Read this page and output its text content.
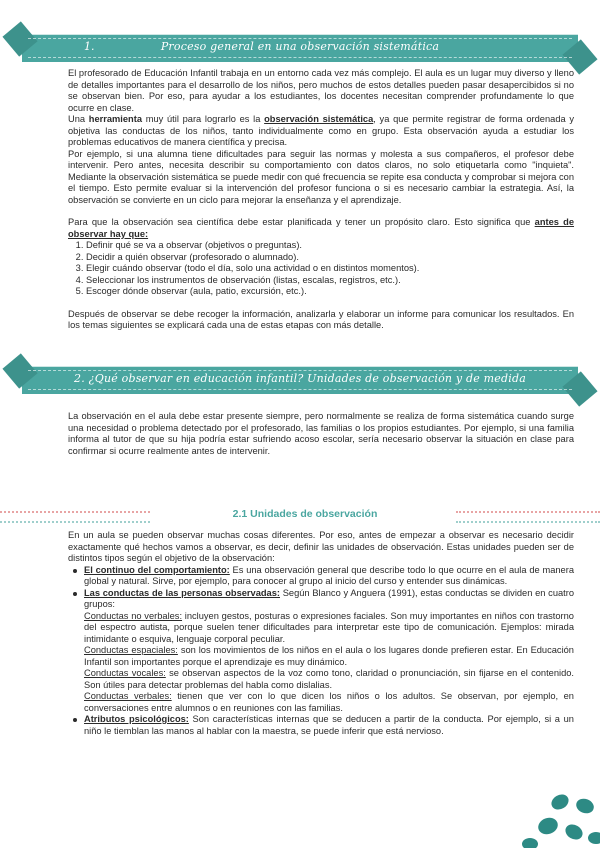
1.	Proceso general en una observación sistemática

El profesorado de Educación Infantil trabaja en un entorno cada vez más complejo. El aula es un lugar muy diverso y lleno de detalles importantes para el desarrollo de los niños, pero muchos de estos detalles pueden pasar desapercibidos si no se observan bien. Por eso, para ayudar a los estudiantes, los docentes necesitan comprender profundamente lo que ocurre en clase.

Una herramienta muy útil para lograrlo es la observación sistemática, ya que permite registrar de forma ordenada y objetiva las conductas de los niños, tanto individualmente como en grupo. Esta observación ayuda a estudiar los problemas educativos de manera científica y precisa.

Por ejemplo, si una alumna tiene dificultades para seguir las normas y molesta a sus compañeros, el profesor debe intervenir. Pero antes, necesita describir su comportamiento con datos claros, no solo etiquetarla como "inquieta". Mediante la observación sistemática se puede medir con qué frecuencia se repite esa conducta y comprobar si mejora con el tiempo. Esto permite evaluar si la intervención del profesor funciona o si es necesario cambiar la estrategia. Así, la observación se convierte en un ciclo para mejorar la enseñanza y el aprendizaje.

Para que la observación sea científica debe estar planificada y tener un propósito claro. Esto significa que antes de observar hay que:

1. Definir qué se va a observar (objetivos o preguntas).
2. Decidir a quién observar (profesorado o alumnado).
3. Elegir cuándo observar (todo el día, solo una actividad o en distintos momentos).
4. Seleccionar los instrumentos de observación (listas, escalas, registros, etc.).
5. Escoger dónde observar (aula, patio, excursión, etc.).

Después de observar se debe recoger la información, analizarla y elaborar un informe para comunicar los resultados. En los temas siguientes se explicará cada una de estas etapas con más detalle.

2. ¿Qué observar en educación infantil? Unidades de observación y de medida

La observación en el aula debe estar presente siempre, pero normalmente se realiza de forma sistemática cuando surge una necesidad o problema detectado por el profesorado, las familias o los propios estudiantes. Por ejemplo, si una familia informa al tutor de que su hija podría estar sufriendo acoso escolar, sería necesario observar la situación en clase para confirmar si ocurre realmente antes de intervenir.

2.1 Unidades de observación

En un aula se pueden observar muchas cosas diferentes. Por eso, antes de empezar a observar es necesario decidir exactamente qué hechos vamos a observar, es decir, definir las unidades de observación. Estas unidades pueden ser de distintos tipos según el objetivo de la observación:

El continuo del comportamiento: Es una observación general que describe todo lo que ocurre en el aula de manera global y natural. Sirve, por ejemplo, para conocer al grupo al inicio del curso y entender sus dinámicas.
Las conductas de las personas observadas: Según Blanco y Anguera (1991), estas conductas se dividen en cuatro grupos:

Conductas no verbales: incluyen gestos, posturas o expresiones faciales. Son muy importantes en niños con trastorno del espectro autista, porque suelen tener dificultades para interpretar este tipo de comunicación. Ejemplos: mirada intimidante o esquiva, lenguaje corporal peculiar.

Conductas espaciales: son los movimientos de los niños en el aula o los lugares donde prefieren estar. En Educación Infantil son importantes porque el aprendizaje es muy dinámico.

Conductas vocales: se observan aspectos de la voz como tono, claridad o pronunciación, sin fijarse en el contenido. Son útiles para detectar problemas del habla como dislalias.

Conductas verbales: tienen que ver con lo que dicen los niños o los adultos. Se observan, por ejemplo, en conversaciones entre alumnos o en reuniones con las familias.

Atributos psicológicos: Son características internas que se deducen a partir de la conducta. Por ejemplo, si a un niño le tiemblan las manos al hablar con la maestra, se puede inferir que está nervioso.
